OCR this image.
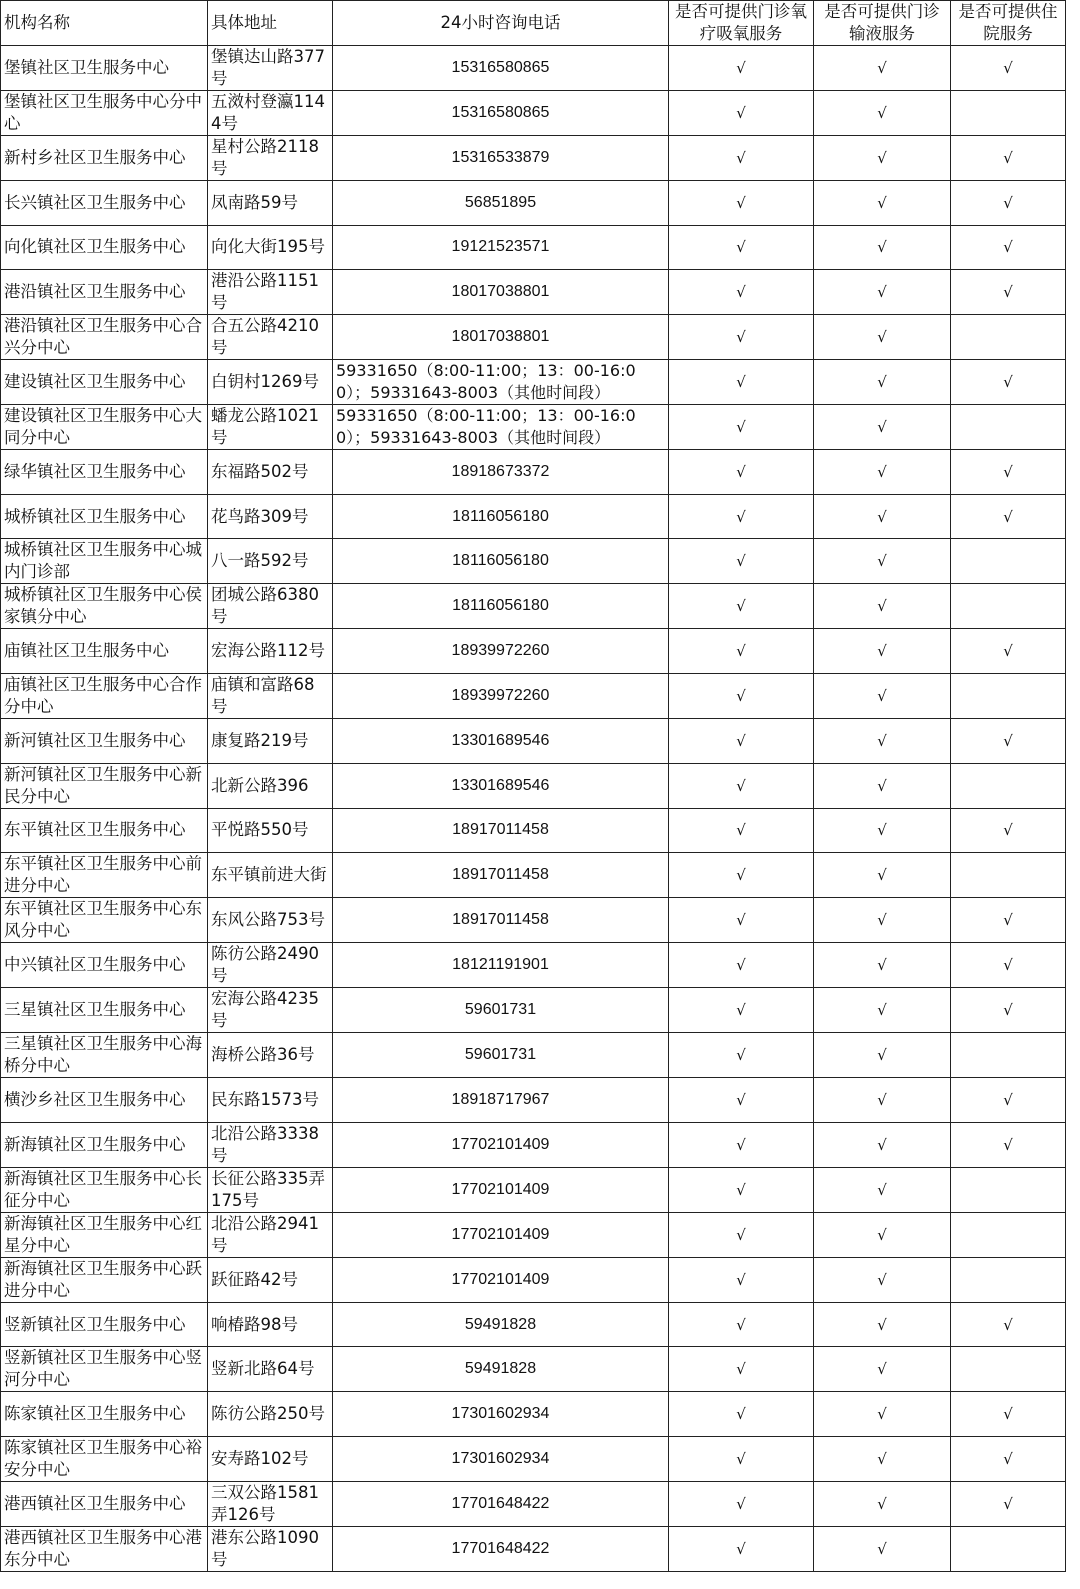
机构名称	具体地址	24小时咨询电话	是否可提供门诊氧疗吸氧服务	是否可提供门诊输液服务	是否可提供住院服务
堡镇社区卫生服务中心	堡镇达山路377号	15316580865	√	√	√
堡镇社区卫生服务中心分中心	五滧村登瀛1144号	15316580865	√	√	
新村乡社区卫生服务中心	星村公路2118号	15316533879	√	√	√
长兴镇社区卫生服务中心	凤南路59号	56851895	√	√	√
向化镇社区卫生服务中心	向化大街195号	19121523571	√	√	√
港沿镇社区卫生服务中心	港沿公路1151号	18017038801	√	√	√
港沿镇社区卫生服务中心合兴分中心	合五公路4210号	18017038801	√	√	
建设镇社区卫生服务中心	白钥村1269号	59331650（8:00-11:00；13：00-16:00）；59331643-8003（其他时间段）	√	√	√
建设镇社区卫生服务中心大同分中心	蟠龙公路1021号	59331650（8:00-11:00；13：00-16:00）；59331643-8003（其他时间段）	√	√	
绿华镇社区卫生服务中心	东福路502号	18918673372	√	√	√
城桥镇社区卫生服务中心	花鸟路309号	18116056180	√	√	√
城桥镇社区卫生服务中心城内门诊部	八一路592号	18116056180	√	√	
城桥镇社区卫生服务中心侯家镇分中心	团城公路6380号	18116056180	√	√	
庙镇社区卫生服务中心	宏海公路112号	18939972260	√	√	√
庙镇社区卫生服务中心合作分中心	庙镇和富路68号	18939972260	√	√	
新河镇社区卫生服务中心	康复路219号	13301689546	√	√	√
新河镇社区卫生服务中心新民分中心	北新公路396	13301689546	√	√	
东平镇社区卫生服务中心	平悦路550号	18917011458	√	√	√
东平镇社区卫生服务中心前进分中心	东平镇前进大街	18917011458	√	√	
东平镇社区卫生服务中心东风分中心	东风公路753号	18917011458	√	√	√
中兴镇社区卫生服务中心	陈彷公路2490号	18121191901	√	√	√
三星镇社区卫生服务中心	宏海公路4235号	59601731	√	√	√
三星镇社区卫生服务中心海桥分中心	海桥公路36号	59601731	√	√	
横沙乡社区卫生服务中心	民东路1573号	18918717967	√	√	√
新海镇社区卫生服务中心	北沿公路3338号	17702101409	√	√	√
新海镇社区卫生服务中心长征分中心	长征公路335弄175号	17702101409	√	√	
新海镇社区卫生服务中心红星分中心	北沿公路2941号	17702101409	√	√	
新海镇社区卫生服务中心跃进分中心	跃征路42号	17702101409	√	√	
竖新镇社区卫生服务中心	响椿路98号	59491828	√	√	√
竖新镇社区卫生服务中心竖河分中心	竖新北路64号	59491828	√	√	
陈家镇社区卫生服务中心	陈彷公路250号	17301602934	√	√	√
陈家镇社区卫生服务中心裕安分中心	安寿路102号	17301602934	√	√	√
港西镇社区卫生服务中心	三双公路1581弄126号	17701648422	√	√	√
港西镇社区卫生服务中心港东分中心	港东公路1090号	17701648422	√	√	
